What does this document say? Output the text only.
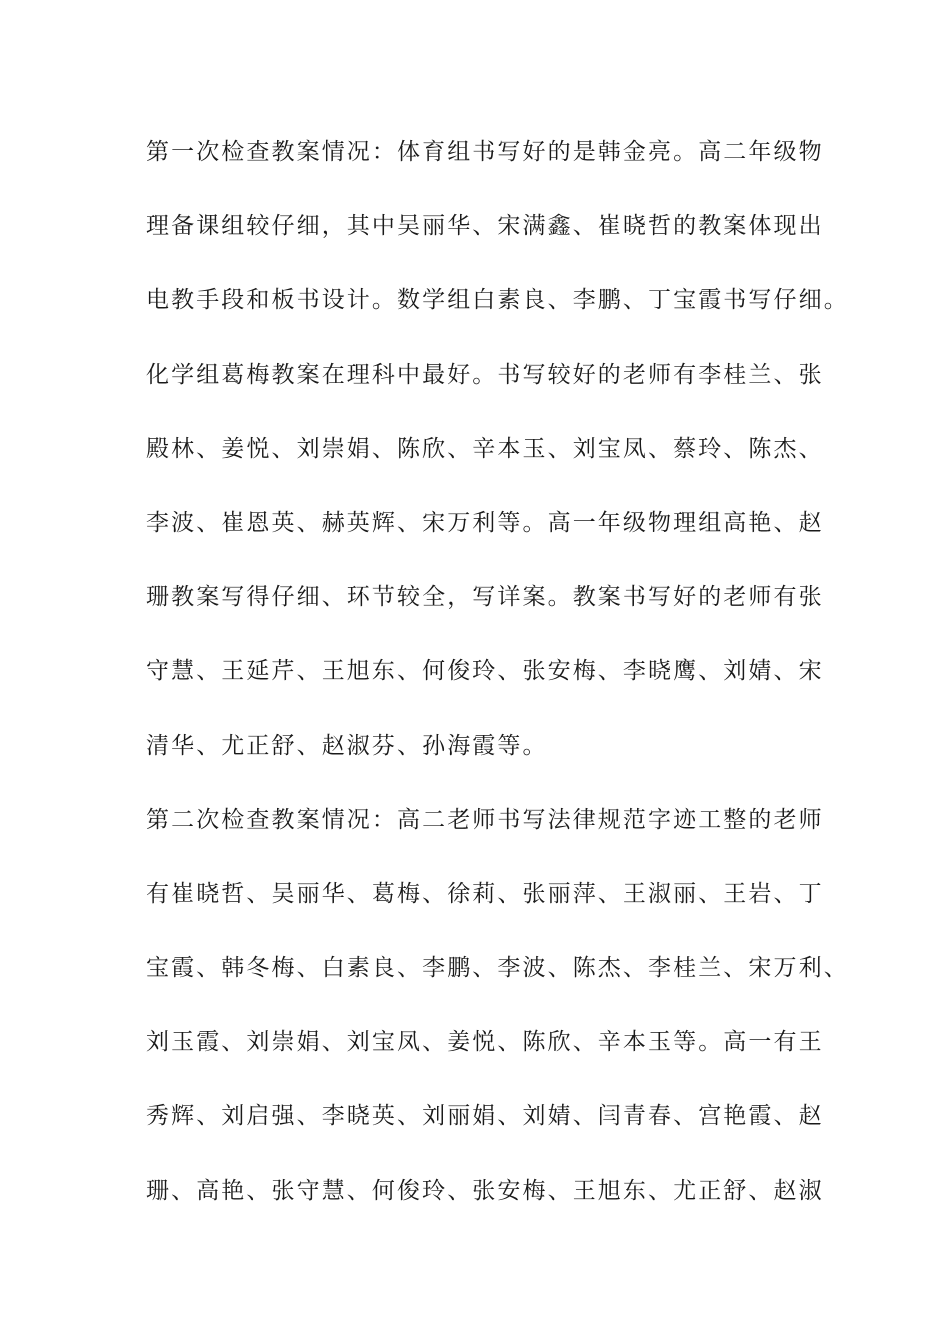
第一次检查教案情况：体育组书写好的是韩金亮。高二年级物
理备课组较仔细，其中吴丽华、宋满鑫、崔晓哲的教案体现出
电教手段和板书设计。数学组白素良、李鹏、丁宝霞书写仔细。
化学组葛梅教案在理科中最好。书写较好的老师有李桂兰、张
殿林、姜悦、刘崇娟、陈欣、辛本玉、刘宝凤、蔡玲、陈杰、
李波、崔恩英、赫英辉、宋万利等。高一年级物理组高艳、赵
珊教案写得仔细、环节较全，写详案。教案书写好的老师有张
守慧、王延芹、王旭东、何俊玲、张安梅、李晓鹰、刘婧、宋
清华、尤正舒、赵淑芬、孙海霞等。
第二次检查教案情况：高二老师书写法律规范字迹工整的老师
有崔晓哲、吴丽华、葛梅、徐莉、张丽萍、王淑丽、王岩、丁
宝霞、韩冬梅、白素良、李鹏、李波、陈杰、李桂兰、宋万利、
刘玉霞、刘崇娟、刘宝凤、姜悦、陈欣、辛本玉等。高一有王
秀辉、刘启强、李晓英、刘丽娟、刘婧、闫青春、宫艳霞、赵
珊、高艳、张守慧、何俊玲、张安梅、王旭东、尤正舒、赵淑
